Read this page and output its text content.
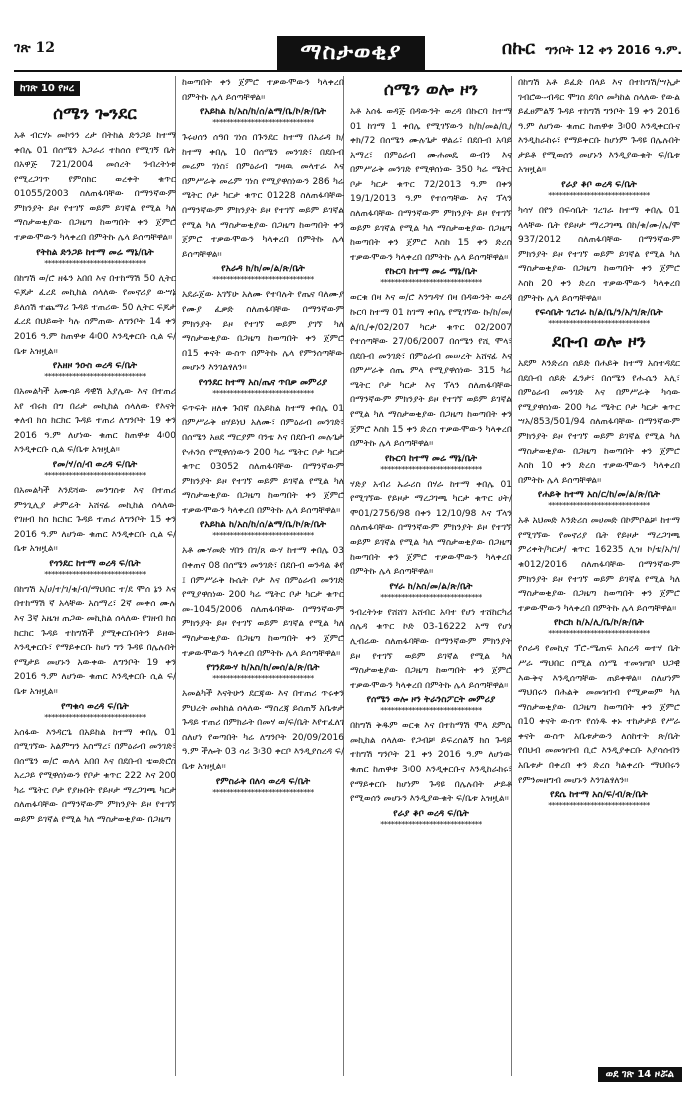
ገጽ 12	ማስታወቂያ	በኩር ግንቦት 12 ቀን 2016 ዓ.ም.
ከገጽ 10 የዞረ
ሰሜን ጐንደር

አቶ ብርሃኑ መኮንን ረታ በትከል ድንጋይ ከተማ ቀበሌ 01 በሰሜን አጋራሪ ተከሰሰ የሚገኝ ቤት በአዋጅ 721/2004 መሰረት ንብረትነቱ የሚረጋገጥ የምስክር ወረቀት ቁጥር 01055/2003 ስለጠፋባቸው በማንኛውም ምክንያት ይዞ የተገኘ ወይም ይገኛል የሚል ካለ ማስታወቂያው በጋዜጣ ከወጣበት ቀን ጀምሮ ተቃውሞውን ካላቀረበ በምትኩ ሌላ ይሰጣቸዋል፡፡

የትከል ድንጋይ ከተማ መሬ ማኔ/ቤት
*****************************

በከግሽ ወ/ሮ ዘፋን አበበ እና በተከማሽ 50 ሊትር ፍጆታ ፈረደ መኪከል ሰላለው የመኖሪያ ውሣኔ ይለሰሽ ተጨማሪ ጉዳይ ተጠሪው 50 ሊትር ፍጆታ ፈረደ በህይወት ካሉ ሰምጠው ለግንቦት 14 ቀን 2016 ዓ.ም ከጠዋቱ 4፡00 እንዲቀርቡ ሲል ፍ/ቤቱ አዝዟል፡፡

የአዘዞ ንዑስ ወረዳ ፍ/ቤት
*****************************

በአመልካች አሙሳይ ዳዊሽ አያሌው እና በተጠሪ አየ ብሩክ በግ በሪታ መኪከል ሰላለው የእናት ቀለብ ክስ ክርክር ጉዳይ ተጠሪ ለግንቦት 19 ቀን 2016 ዓ.ም ለሆነው ቁጠር ከጠዋቱ 4፡00 እንዲቀርቡ ሲል ፍ/ቤቱ አዝዟል፡፡

የመ/ሃ/ሰ/ብ ወረዳ ፍ/ቤት
*****************************

በአመልካች እንደሻው መንግስቱ እና በተጠሪ ምንጊሊያ ታምሬት አሸናፊ መኪከል ሰላለው የገዘብ ክስ ክርክር ጉዳይ ተጠሪ ለግንቦት 15 ቀን 2016 ዓ.ም ለሆነው ቁጠር እንዲቀርቡ ሲል ፍ/ቤቱ አዝዟል፡፡

የጎንደር ከተማ ወረዳ ፍ/ቤት
*****************************

በከግሽ አ/ሀ/ተ/ገ/ቁ/ብ/ማህበር ተ/ደ ሞሰ ኔን እና በተከማሽ ኛ አላቸው አስማረ፣ 2ኛ መቀሰ ሙሉ እና 3ኛ አዜዝ ጠጋው መኪከል ሰላለው የገዘብ ክስ ክርክር ጉዳይ ተከግሽች ያሚቀርቡበትን ይዘው እንዲቀርቡ፣ የማይቀርቡ ከሆነ ግን ጉዳዩ በሌሉበት የሚታይ መሆኑን አውቀው ለግንቦት 19 ቀን 2016 ዓ.ም ለሆነው ቁጠር እንዲቀርቡ ሲል ፍ/ቤቱ አዝዟል፡፡

የጣቁሳ ወረዳ ፍ/ቤት
*****************************

አሰፋው እንዳርጌ በአይከል ከተማ ቀበሌ 01 በሚገኘው አልምግን አስማረ፣ በምዕራብ መንገድ፣ በሰሜን ወ/ሮ ወለላ አበበ እና በደቡብ ቴወድሮስ አረጋይ የሚዋሰነውን የቦታ ቁጥር 222 እና 200 ካሬ ሜትር ቦታ የያዙበት የይዞታ ማረጋገጫ ካርታ ስለጠፋባቸው በማንኛውም ምክንያት ይዞ የተገኘ ወይም ይገኛል የሚል ካለ ማስታወቂያው በጋዜጣ

ከወጣበት ቀን ጀምሮ ተቃውሞውን ካላቀረበ በምትኩ ሌላ ይሰጣቸዋል፡፡

የአይከል ከ/አስ/ከ/ሰ/ልማ/ቤ/ኮ/ጽ/ቤት
*****************************

ጉሩሀሰን ሰዓበ ገነስ በጉንደር ከተማ በአራዳ ክ/ከተማ ቀበሌ 10 በሰሜን መንገድ፣ በደቡብ መሬም ገነስ፣ በምዕራብ ግዛዉ መላተራ እና በምሥራቅ መሬም ገነስ የሚያዋስነውን 286 ካሬ ሜትር ቦታ ካርታ ቁጥር 01228 ስለጠፋባቸው በማንኛውም ምክንያት ይዞ የተገኘ ወይም ይገኛል የሚል ካለ ማስታወቂያው በጋዜጣ ከወጣበት ቀን ጀምሮ ተቃውሞውን ካላቀረበ በምትኩ ሌላ ይሰጣቸዋል፡፡

የአራዳ ክ/ከ/መ/ል/ጽ/ቤት
*****************************

አደራጀው አገኘሁ አለሙ የተባሉት የጤና ባለሙያ የሙያ ፈቃድ ስለጠፋባቸው በማንኛውም ምክንያት ይዞ የተገኘ ወይም ያገኘ ካለ ማስታወቂያው በጋዜጣ ከወጣበት ቀን ጀምሮ በ15 ቀናት ውስጥ በምትኩ ሌላ የምንሰጣቸው መሆኑን እንገልፃለን፡፡

የጎንደር ከተማ አስ/ጤና ጥበቃ መምሪያ
*****************************

ፍጥፍት ዘለቀ ጉበኛ በአይከል ከተማ ቀበሌ 01 በምሥራቅ ፀሃይነህ አለሙ፣ በምዕራብ መንገድ፣ በሰሜን አፀደ ማርያም ባንቴ እና በደቡብ መሉጌታ ዮሐንስ የሚዋሰነውን 200 ካሬ ሜትር ቦታ ካርታ ቁጥር 03052 ስለጠፋባቸው በማንኛውም ምክንያት ይዞ የተገኘ ወይም ይገኛል የሚል ካለ ማስታወቂያው በጋዜጣ ከወጣበት ቀን ጀምሮ ተቃውሞውን ካላቀረበ በምትኩ ሌላ ይሰጣቸዋል፡፡

የአይከል ከ/አስ/ከ/ሰ/ልማ/ቤ/ኮ/ጽ/ቤት
*****************************

አቶ ሙሃመድ ሃበን በገ/ጸ ውሃ ከተማ ቀበሌ 03 በቀጠና 08 በሰሜን መንገድ፣ በደቡብ ወንዳል ቆየ ፤ በምሥራቅ ኩሴት ቦታ እና በምዕራብ መንገድ የሚያዋስነው 200 ካሬ ሜትር ቦታ ካርታ ቁጥር መ-1045/2006 ስለጠፋባቸው በማንኛውም ምክንያት ይዞ የተገኘ ወይም ይገኛል የሚል ካለ ማስታወቂያው በጋዜጣ ከወጣበት ቀን ጀምሮ ተቃውሞውን ካላቀረበ በምትኩ ሌላ ይሰጣቸዋል፡፡

የገንደውሃ ከ/አስ/ከ/መሰ/ል/ጽ/ቤት
*****************************

አመልካች እናትሁን ደርጃው እና በተጠሪ ጥሩቀን ምህረት መከከል ሰላለው ማስረጃ ይሰጠኝ አቤቱታ ጉዳይ ተጠሪ በምክራት በመሃ ወ/ፍ/ቤት እየተፈለገ ስለሆነ የወጣበት ካሬ ለግንቦት 20/09/2016 ዓ.ም ችሎት 03 ሳሪ 3፡30 ቀርቦ እንዲያስረዳ ፍ/ቤቱ አዝዟል፡፡

የምስራቅ በለሳ ወረዳ ፍ/ቤት
*****************************
ሰሜን ወሎ ዞን

አቶ አሰፋ ወዳጅ በዳውንት ወረዳ በኩርባ ከተማ 01 ከገማ 1 ቀበሌ የሚገኘውን ከ/ከ/መል/ቢ/ቀክ/72 በሰሜን ሙሉጌታ ዋልሬ፣ በደቡብ አባይ አማረ፣ በምዕራብ ሙሐመዴ ውብን እና በምሥራቅ መንገድ የሚዋሰነው 350 ካሬ ሜትር ቦታ ካርታ ቁጥር 72/2013 ዓ.ም በቀን 19/1/2013 ዓ.ም የተሰጣቸው እና ፕላን ስለጠፋባቸው በማንኛውም ምክንያት ይዞ የተገኘ ወይም ይገኛል የሚል ካለ ማስታወቂያው በጋዜጣ ከወጣበት ቀን ጀምሮ እስከ 15 ቀን ድረስ ተቃውሞውን ካላቀረበ በምትኩ ሌላ ይሰጣቸዋል፡፡

የኩርባ ከተማ መሬ ማኔ/ቤት
*****************************

ወርቁ በዛ እና ወ/ሮ እንግዳሃ በዛ በዳውንት ወረዳ ኩርባ ከተማ 01 ከገማ ቀበሌ የሚገኘው ኩ/ከ/መ/ል/ቢ/ቀ/02/207 ካርታ ቁጥር 02/2007 የተሰጣቸው 27/06/2007 በሰሜን የሺ ሞላ፣ በደቡብ መንገድ፣ በምዕራብ መሠረት አሸናፊ እና በምሥራቅ ሰጤ ምላ የሚያዋሰነው 315 ካሬ ሜትር ቦታ ካርታ እና ፕላን ስለጠፋባቸው በማንኛውም ምክንያት ይዞ የተገኘ ወይም ይገኛል የሚል ካለ ማስታወቂያው በጋዜጣ ከወጣበት ቀን ጀምሮ እስከ 15 ቀን ድረስ ተቃውሞውን ካላቀረበ በምትኩ ሌላ ይሰጣቸዋል፡፡

የኩርባ ከተማ መሬ ማኔ/ቤት
*****************************

ሃድያ አብሪ ኡራሪስ በሃራ ከተማ ቀበሌ 01 የሚገኘው የይዞታ ማረጋገጫ ካርታ ቁጥር ሀት/ሞ01/2756/98 በቀን 12/10/98 እና ፕላን ስለጠፋባቸው በማንኛውም ምክንያት ይዞ የተገኘ ወይም ይገኛል የሚል ካለ ማስታወቂያው በጋዜጣ ከወጣበት ቀን ጀምሮ ተቃውሞውን ካላቀረበ በምትኩ ሌላ ይሰጣቸዋል፡፡

የሃራ ከ/አስ/መ/ል/ጽ/ቤት
*****************************

ንብረትነቱ የሸሸገ አሸብር አባተ የሆነ ተሸከርካሪ ሰሌዳ ቁጥር ኮድ 03-16222 አማ የሆነ ሊብሬው ስለጠፋባቸው በማንኛውም ምክንያት ይዞ የተገኘ ወይም ይገኛል የሚል ካለ ማስታወቂያው በጋዜጣ ከወጣበት ቀን ጀምሮ ተቃውሞውን ካላቀረበ በምትኩ ሌላ ይሰጣቸዋል፡፡

የሰሜን ወሎ ዞን ትራንስፖርት መምሪያ
*****************************

በከግሽ ቅዱም ወርቁ እና በተከማሽ ሞላ ደምሴ መኪከል ሰላለው የጋብቻ ይፍረሰልኝ ክስ ጉዳይ ተከግሽ ግንቦት 21 ቀን 2016 ዓ.ም ለሆነው ቁጠር ከጠዋቱ 3፡00 እንዲቀርቡና እንዲከራከሩ፣ የማይቀርቡ ከሆነም ጉዳዩ በሌሉበት ታይቶ የሚወሰን መሆኑን እንዲያውቁት ፍ/ቤቱ አዝዟል፡፡

የራያ ቆቦ ወረዳ ፍ/ቤት
*****************************

በከግሽ አቶ ይፈድ በላይ እና በተከግሽ/ሣኢታ ገብሮው-ብዳር ሞገስ ደባሶ መካከል ስላለው የውል ይፈፀምልኝ ጉዳይ ተከግሽ ግንቦት 19 ቀን 2016 ዓ.ም ለሆነው ቁጠር ከጠዋቱ 3፡00 እንዲቀርቡና እንዲከራከሩ፣ የማይቀርቡ ከሆነም ጉዳዩ በሌሉበት ታይቶ የሚወሰን መሆኑን እንዲያውቁት ፍ/ቤቱ አዝዟል፡፡

የራያ ቆቦ ወረዳ ፍ/ቤት
*****************************

ካሳሃ በየን በፍሳቤት ገረገራ ከተማ ቀበሌ 01 ላላቸው ቤት የይዞታ ማረጋገጫ በከ/ቁ/ሙ/ሌ/ሞ 937/2012 ስለጠፋባቸው በማንኛውም ምክንያት ይዞ የተገኘ ወይም ይገኛል የሚል ካለ ማስታወቂያው በጋዜጣ ከወጣበት ቀን ጀምሮ እስከ 20 ቀን ድረስ ተቃውሞውን ካላቀረበ በምትኩ ሌላ ይሰጣቸዋል፡፡

የፍሳቤት ገረገራ ከ/ል/ቤ/ን/አ/ገ/ጽ/ቤት
*****************************
ደቡብ ወሎ ዞን

አደም እንድሪስ ሰይድ በሐይቅ ከተማ አስተዳደር በደቡብ ሰይድ ፈንታ፣ በሰሜን የሑሴን አሊ፣ በምዕራብ መንገድ እና በምሥራቅ ካሳው የሚያዋስነው 200 ካሬ ሜትር ቦታ ካርታ ቁጥር ሣአ/853/501/94 ስለጠፋባቸው በማንኛውም ምክንያት ይዞ የተገኘ ወይም ይገኛል የሚል ካለ ማስታወቂያው በጋዜጣ ከወጣበት ቀን ጀምሮ እስከ 10 ቀን ድረስ ተቃውሞውን ካላቀረበ በምትኩ ሌላ ይሰጣቸዋል፡፡

የሐይቅ ከተማ አስ/ር/ከ/መ/ል/ጽ/ቤት
*****************************

አቶ አህመድ እንድሪስ መሀመድ በኮምቦልቻ ከተማ የሚገኘው የመኖሪያ ቤት የይዞታ ማረጋገጫ ምሪቀት/ካርታ/ ቁጥር 16235 ሊዝ ኮ/ቴ/አ/ገ/ቁ012/2016 ስለጠፋባቸው በማንኛውም ምክንያት ይዞ የተገኘ ወይም ይገኛል የሚል ካለ ማስታወቂያው በጋዜጣ ከወጣበት ቀን ጀምሮ ተቃውሞውን ካላቀረበ በምትኩ ሌላ ይሰጣቸዋል፡፡

የኮርከ ከ/አ/ሊ/ቤ/ኮ/ጽ/ቤት
*****************************

የሶራዳ የመኪና ፕሮ-ሜጠፍ አስረዳ ወተሃ ቤት ሥራ ማህበር በሚል ሰነሜ ተመዝግቦ ህጋዊ እውቅና እንዲሰጣቸው ጠይቀዋል፡፡ ስለሆነም ማህበሩን በሕልቅ መመዝገብ የሚቃወም ካለ ማስታወቂያው በጋዜጣ ከወጣበት ቀን ጀምሮ በ10 ቀናት ውስጥ የሰነዱ ቀኑ ተከታታይ የሥራ ቀናት ውስጥ አቤቱታውን ለሰከተት ጽ/ቤት የበህብ መመዝገብ ቢሮ እንዲያቀርቡ እያሳሰብን አቤቱታ በቀረበ ቀን ድረስ ካልቀረቡ ማህበሩን የምንመዘግብ መሆኑን እንገልፃለን፡፡

የደሴ ከተማ አስ/ፍ/ብ/ጽ/ቤት
*****************************
ወደ ገጽ 14 ዞሯል
